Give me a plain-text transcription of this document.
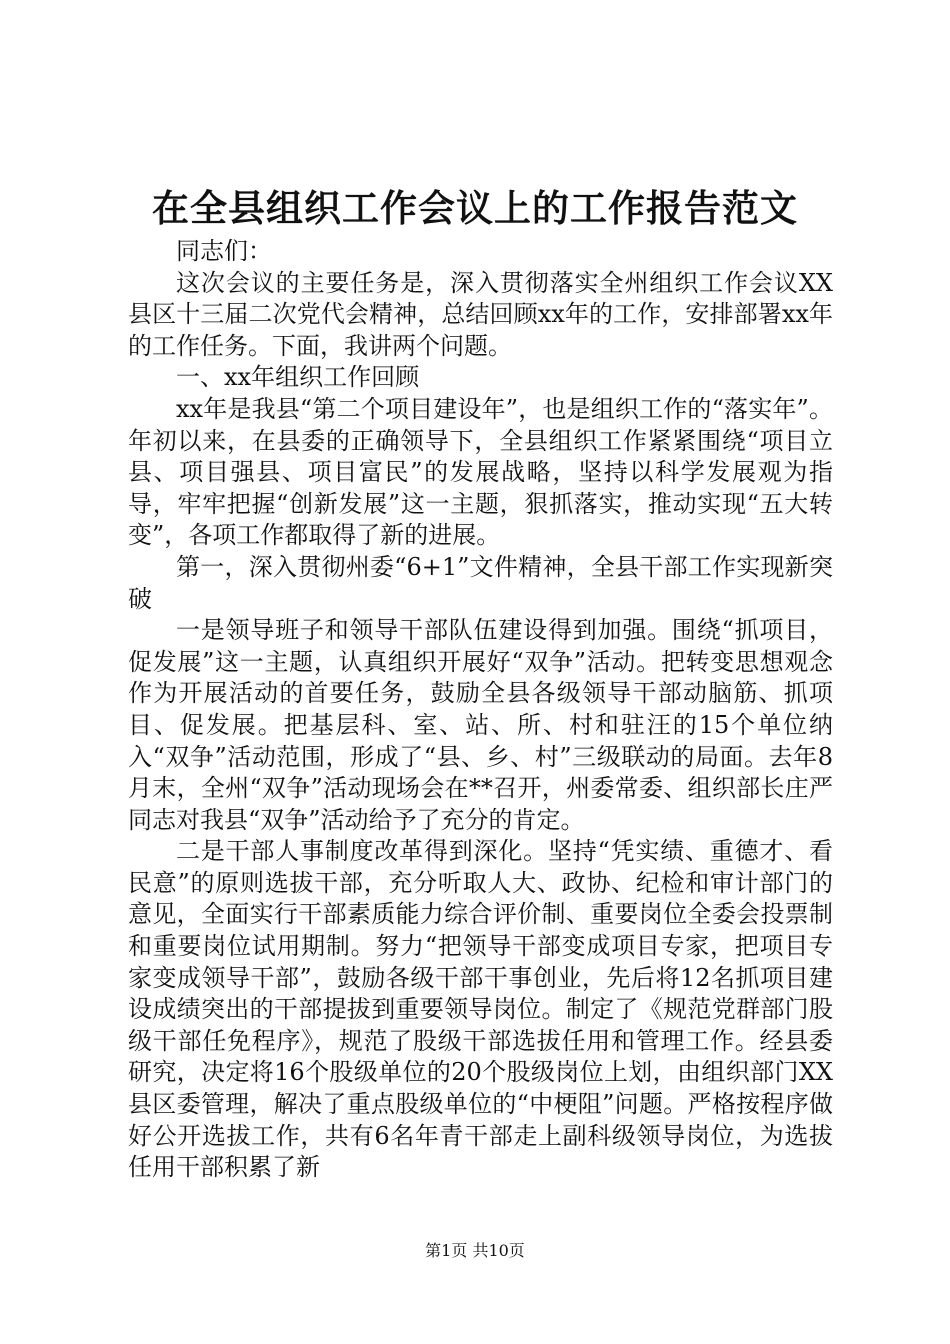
在全县组织工作会议上的工作报告范文

同志们：

这次会议的主要任务是，深入贯彻落实全州组织工作会议XX县区十三届二次党代会精神，总结回顾xx年的工作，安排部署xx年的工作任务。下面，我讲两个问题。

一、xx年组织工作回顾

xx年是我县“第二个项目建设年”，也是组织工作的“落实年”。年初以来，在县委的正确领导下，全县组织工作紧紧围绕“项目立县、项目强县、项目富民”的发展战略，坚持以科学发展观为指导，牢牢把握“创新发展”这一主题，狠抓落实，推动实现“五大转变”，各项工作都取得了新的进展。

第一，深入贯彻州委“6+1”文件精神，全县干部工作实现新突破

一是领导班子和领导干部队伍建设得到加强。围绕“抓项目，促发展”这一主题，认真组织开展好“双争”活动。把转变思想观念作为开展活动的首要任务，鼓励全县各级领导干部动脑筋、抓项目、促发展。把基层科、室、站、所、村和驻汪的15个单位纳入“双争”活动范围，形成了“县、乡、村”三级联动的局面。去年8月末，全州“双争”活动现场会在**召开，州委常委、组织部长庄严同志对我县“双争”活动给予了充分的肯定。

二是干部人事制度改革得到深化。坚持“凭实绩、重德才、看民意”的原则选拔干部，充分听取人大、政协、纪检和审计部门的意见，全面实行干部素质能力综合评价制、重要岗位全委会投票制和重要岗位试用期制。努力“把领导干部变成项目专家，把项目专家变成领导干部”，鼓励各级干部干事创业，先后将12名抓项目建设成绩突出的干部提拔到重要领导岗位。制定了《规范党群部门股级干部任免程序》，规范了股级干部选拔任用和管理工作。经县委研究，决定将16个股级单位的20个股级岗位上划，由组织部门XX县区委管理，解决了重点股级单位的“中梗阻”问题。严格按程序做好公开选拔工作，共有6名年青干部走上副科级领导岗位，为选拔任用干部积累了新

第1页 共10页
